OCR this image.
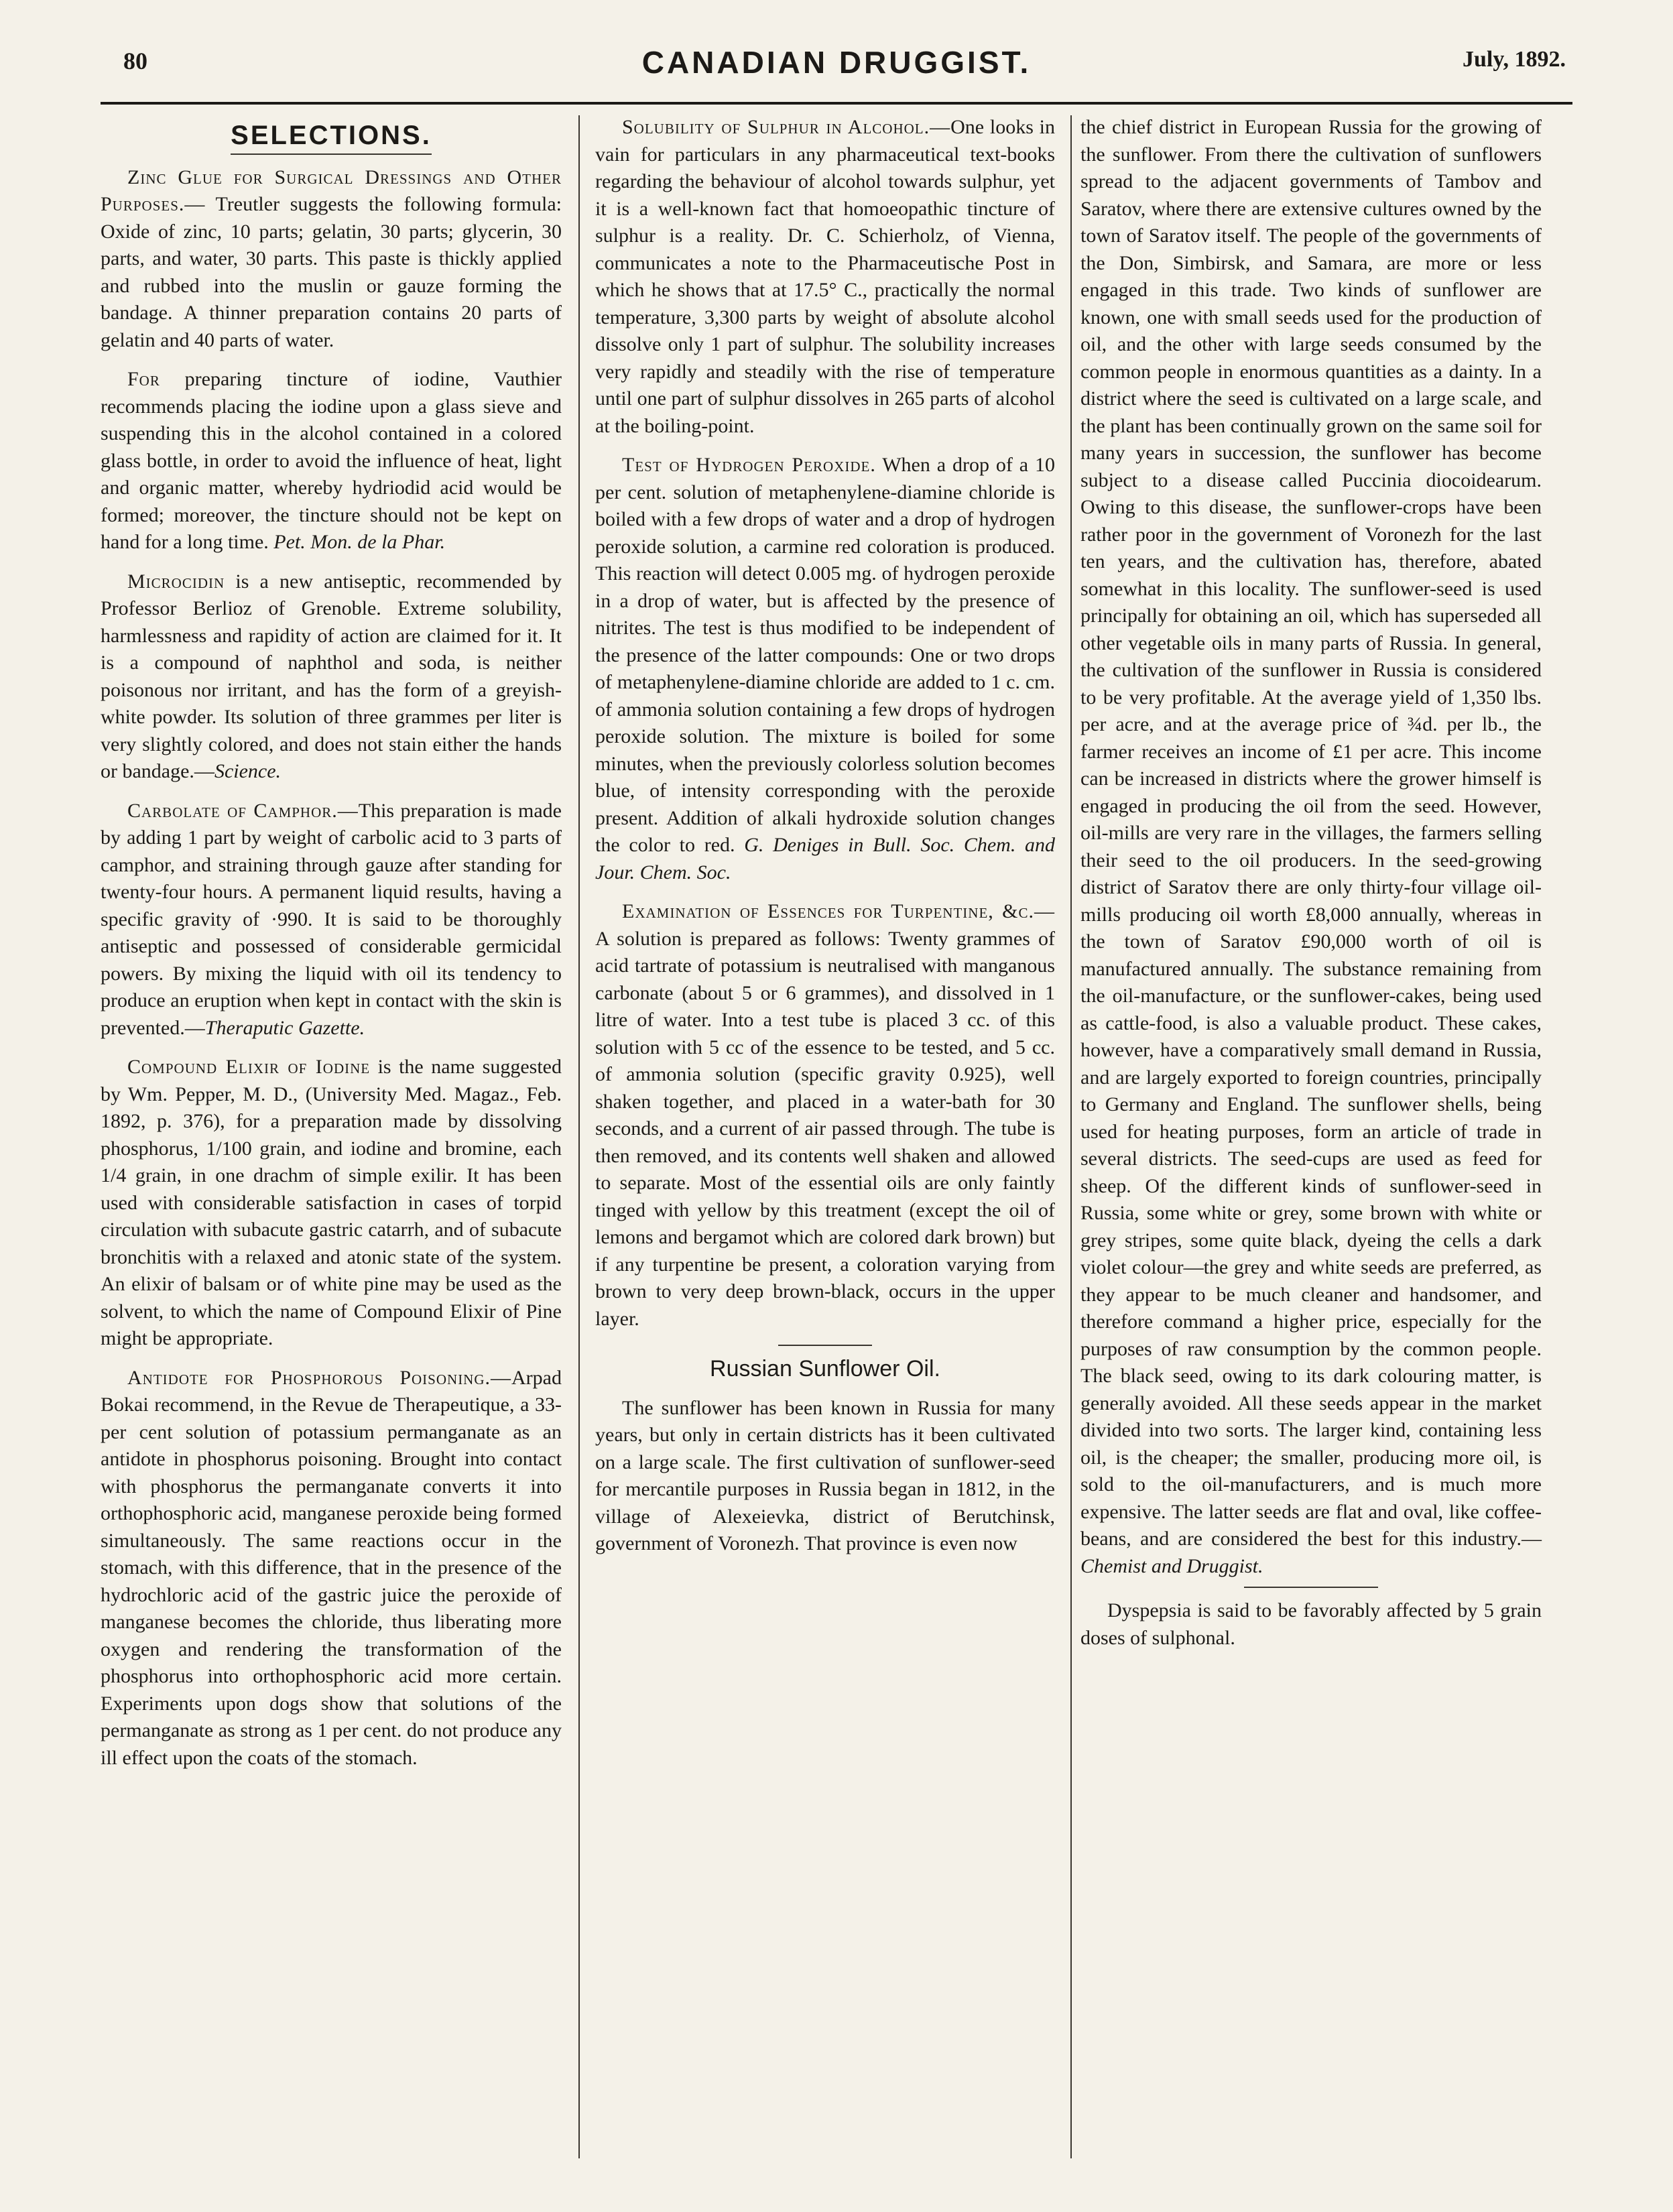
80	CANADIAN DRUGGIST.	July, 1892.
SELECTIONS.
Zinc Glue for Surgical Dressings and Other Purposes.— Treutler suggests the following formula: Oxide of zinc, 10 parts; gelatin, 30 parts; glycerin, 30 parts, and water, 30 parts. This paste is thickly applied and rubbed into the muslin or gauze forming the bandage. A thinner preparation contains 20 parts of gelatin and 40 parts of water.
For preparing tincture of iodine, Vauthier recommends placing the iodine upon a glass sieve and suspending this in the alcohol contained in a colored glass bottle, in order to avoid the influence of heat, light and organic matter, whereby hydriodid acid would be formed; moreover, the tincture should not be kept on hand for a long time. Pet. Mon. de la Phar.
Microcidin is a new antiseptic, recommended by Professor Berlioz of Grenoble. Extreme solubility, harmlessness and rapidity of action are claimed for it. It is a compound of naphthol and soda, is neither poisonous nor irritant, and has the form of a greyish-white powder. Its solution of three grammes per liter is very slightly colored, and does not stain either the hands or bandage.—Science.
Carbolate of Camphor.—This preparation is made by adding 1 part by weight of carbolic acid to 3 parts of camphor, and straining through gauze after standing for twenty-four hours. A permanent liquid results, having a specific gravity of ·990. It is said to be thoroughly antiseptic and possessed of considerable germicidal powers. By mixing the liquid with oil its tendency to produce an eruption when kept in contact with the skin is prevented.—Theraputic Gazette.
Compound Elixir of Iodine is the name suggested by Wm. Pepper, M. D., (University Med. Magaz., Feb. 1892, p. 376), for a preparation made by dissolving phosphorus, 1/100 grain, and iodine and bromine, each 1/4 grain, in one drachm of simple exilir. It has been used with considerable satisfaction in cases of torpid circulation with subacute gastric catarrh, and of subacute bronchitis with a relaxed and atonic state of the system. An elixir of balsam or of white pine may be used as the solvent, to which the name of Compound Elixir of Pine might be appropriate.
Antidote for Phosphorous Poisoning.—Arpad Bokai recommend, in the Revue de Therapeutique, a 33-per cent solution of potassium permanganate as an antidote in phosphorus poisoning. Brought into contact with phosphorus the permanganate converts it into orthophosphoric acid, manganese peroxide being formed simultaneously. The same reactions occur in the stomach, with this difference, that in the presence of the hydrochloric acid of the gastric juice the peroxide of manganese becomes the chloride, thus liberating more oxygen and rendering the transformation of the phosphorus into orthophosphoric acid more certain. Experiments upon dogs show that solutions of the permanganate as strong as 1 per cent. do not produce any ill effect upon the coats of the stomach.
Solubility of Sulphur in Alcohol.—One looks in vain for particulars in any pharmaceutical text-books regarding the behaviour of alcohol towards sulphur, yet it is a well-known fact that homoeopathic tincture of sulphur is a reality. Dr. C. Schierholz, of Vienna, communicates a note to the Pharmaceutische Post in which he shows that at 17.5° C., practically the normal temperature, 3,300 parts by weight of absolute alcohol dissolve only 1 part of sulphur. The solubility increases very rapidly and steadily with the rise of temperature until one part of sulphur dissolves in 265 parts of alcohol at the boiling-point.
Test of Hydrogen Peroxide. When a drop of a 10 per cent. solution of metaphenylene-diamine chloride is boiled with a few drops of water and a drop of hydrogen peroxide solution, a carmine red coloration is produced. This reaction will detect 0.005 mg. of hydrogen peroxide in a drop of water, but is affected by the presence of nitrites. The test is thus modified to be independent of the presence of the latter compounds: One or two drops of metaphenylene-diamine chloride are added to 1 c. cm. of ammonia solution containing a few drops of hydrogen peroxide solution. The mixture is boiled for some minutes, when the previously colorless solution becomes blue, of intensity corresponding with the peroxide present. Addition of alkali hydroxide solution changes the color to red. G. Deniges in Bull. Soc. Chem. and Jour. Chem. Soc.
Examination of Essences for Turpentine, &c.—A solution is prepared as follows: Twenty grammes of acid tartrate of potassium is neutralised with manganous carbonate (about 5 or 6 grammes), and dissolved in 1 litre of water. Into a test tube is placed 3 cc. of this solution with 5 cc of the essence to be tested, and 5 cc. of ammonia solution (specific gravity 0.925), well shaken together, and placed in a water-bath for 30 seconds, and a current of air passed through. The tube is then removed, and its contents well shaken and allowed to separate. Most of the essential oils are only faintly tinged with yellow by this treatment (except the oil of lemons and bergamot which are colored dark brown) but if any turpentine be present, a coloration varying from brown to very deep brown-black, occurs in the upper layer.
Russian Sunflower Oil.
The sunflower has been known in Russia for many years, but only in certain districts has it been cultivated on a large scale. The first cultivation of sunflower-seed for mercantile purposes in Russia began in 1812, in the village of Alexeievka, district of Berutchinsk, government of Voronezh. That province is even now
the chief district in European Russia for the growing of the sunflower. From there the cultivation of sunflowers spread to the adjacent governments of Tambov and Saratov, where there are extensive cultures owned by the town of Saratov itself. The people of the governments of the Don, Simbirsk, and Samara, are more or less engaged in this trade. Two kinds of sunflower are known, one with small seeds used for the production of oil, and the other with large seeds consumed by the common people in enormous quantities as a dainty. In a district where the seed is cultivated on a large scale, and the plant has been continually grown on the same soil for many years in succession, the sunflower has become subject to a disease called Puccinia diocoidearum. Owing to this disease, the sunflower-crops have been rather poor in the government of Voronezh for the last ten years, and the cultivation has, therefore, abated somewhat in this locality. The sunflower-seed is used principally for obtaining an oil, which has superseded all other vegetable oils in many parts of Russia. In general, the cultivation of the sunflower in Russia is considered to be very profitable. At the average yield of 1,350 lbs. per acre, and at the average price of ¾d. per lb., the farmer receives an income of £1 per acre. This income can be increased in districts where the grower himself is engaged in producing the oil from the seed. However, oil-mills are very rare in the villages, the farmers selling their seed to the oil producers. In the seed-growing district of Saratov there are only thirty-four village oil-mills producing oil worth £8,000 annually, whereas in the town of Saratov £90,000 worth of oil is manufactured annually. The substance remaining from the oil-manufacture, or the sunflower-cakes, being used as cattle-food, is also a valuable product. These cakes, however, have a comparatively small demand in Russia, and are largely exported to foreign countries, principally to Germany and England. The sunflower shells, being used for heating purposes, form an article of trade in several districts. The seed-cups are used as feed for sheep. Of the different kinds of sunflower-seed in Russia, some white or grey, some brown with white or grey stripes, some quite black, dyeing the cells a dark violet colour—the grey and white seeds are preferred, as they appear to be much cleaner and handsomer, and therefore command a higher price, especially for the purposes of raw consumption by the common people. The black seed, owing to its dark colouring matter, is generally avoided. All these seeds appear in the market divided into two sorts. The larger kind, containing less oil, is the cheaper; the smaller, producing more oil, is sold to the oil-manufacturers, and is much more expensive. The latter seeds are flat and oval, like coffee-beans, and are considered the best for this industry.—Chemist and Druggist.
Dyspepsia is said to be favorably affected by 5 grain doses of sulphonal.
